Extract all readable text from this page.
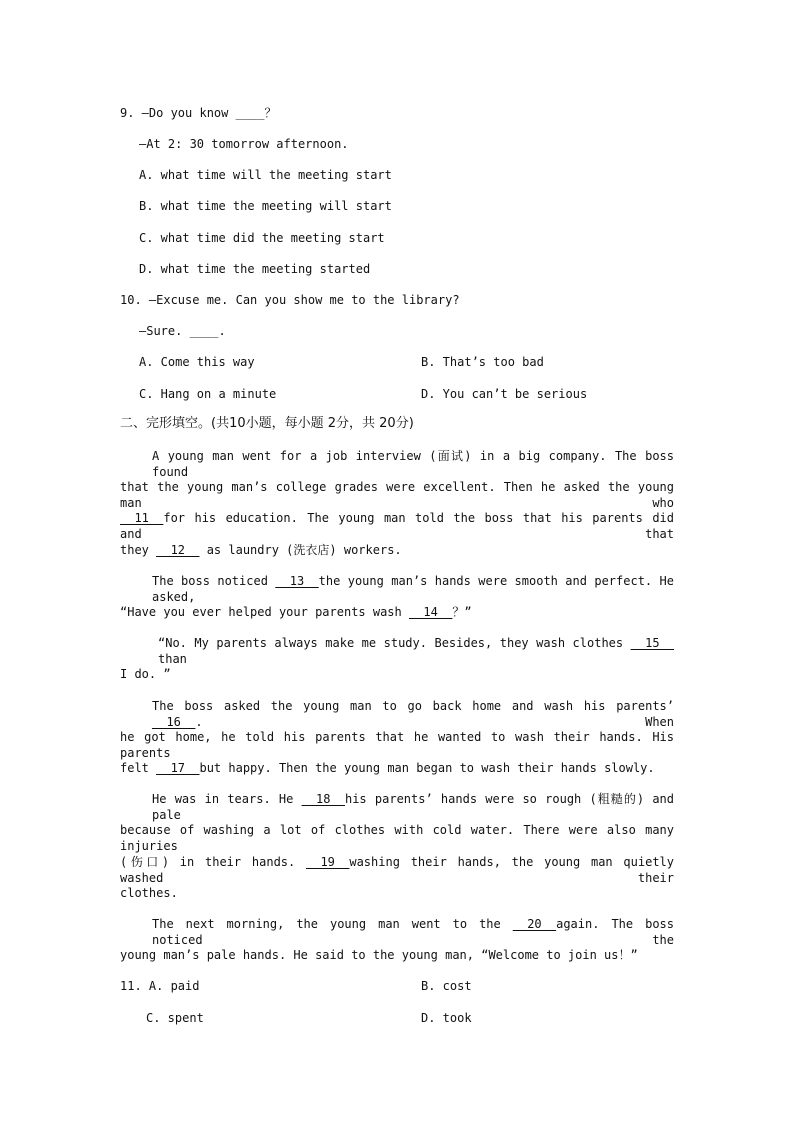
9. —Do you know ____？
—At 2: 30 tomorrow afternoon.
A. what time will the meeting start
B. what time the meeting will start
C. what time did the meeting start
D. what time the meeting started
10. —Excuse me. Can you show me to the library?
—Sure. ____.
A. Come this way	B. That’s too bad
C. Hang on a minute	D. You can’t be serious
二、完形填空。(共10小题，每小题 2分，共 20分)
A young man went for a job interview (面试) in a big company. The boss found
that the young man’s college grades were excellent. Then he asked the young man who
__11__for his education. The young man told the boss that his parents did and that
they __12__ as laundry (洗衣店) workers.
The boss noticed __13__the young man’s hands were smooth and perfect. He asked,
“Have you ever helped your parents wash __14__？”
“No. My parents always make me study. Besides, they wash clothes __15__ than
I do. ”
The boss asked the young man to go back home and wash his parents’ __16__. When
he got home, he told his parents that he wanted to wash their hands. His parents
felt __17__but happy. Then the young man began to wash their hands slowly.
He was in tears. He __18__his parents’ hands were so rough (粗糙的) and pale
because of washing a lot of clothes with cold water. There were also many injuries
(伤口) in their hands. __19__washing their hands, the young man quietly washed their
clothes.
The next morning, the young man went to the __20__again. The boss noticed the
young man’s pale hands. He said to the young man, “Welcome to join us！”
11. A. paid	B. cost
C. spent	D. took
